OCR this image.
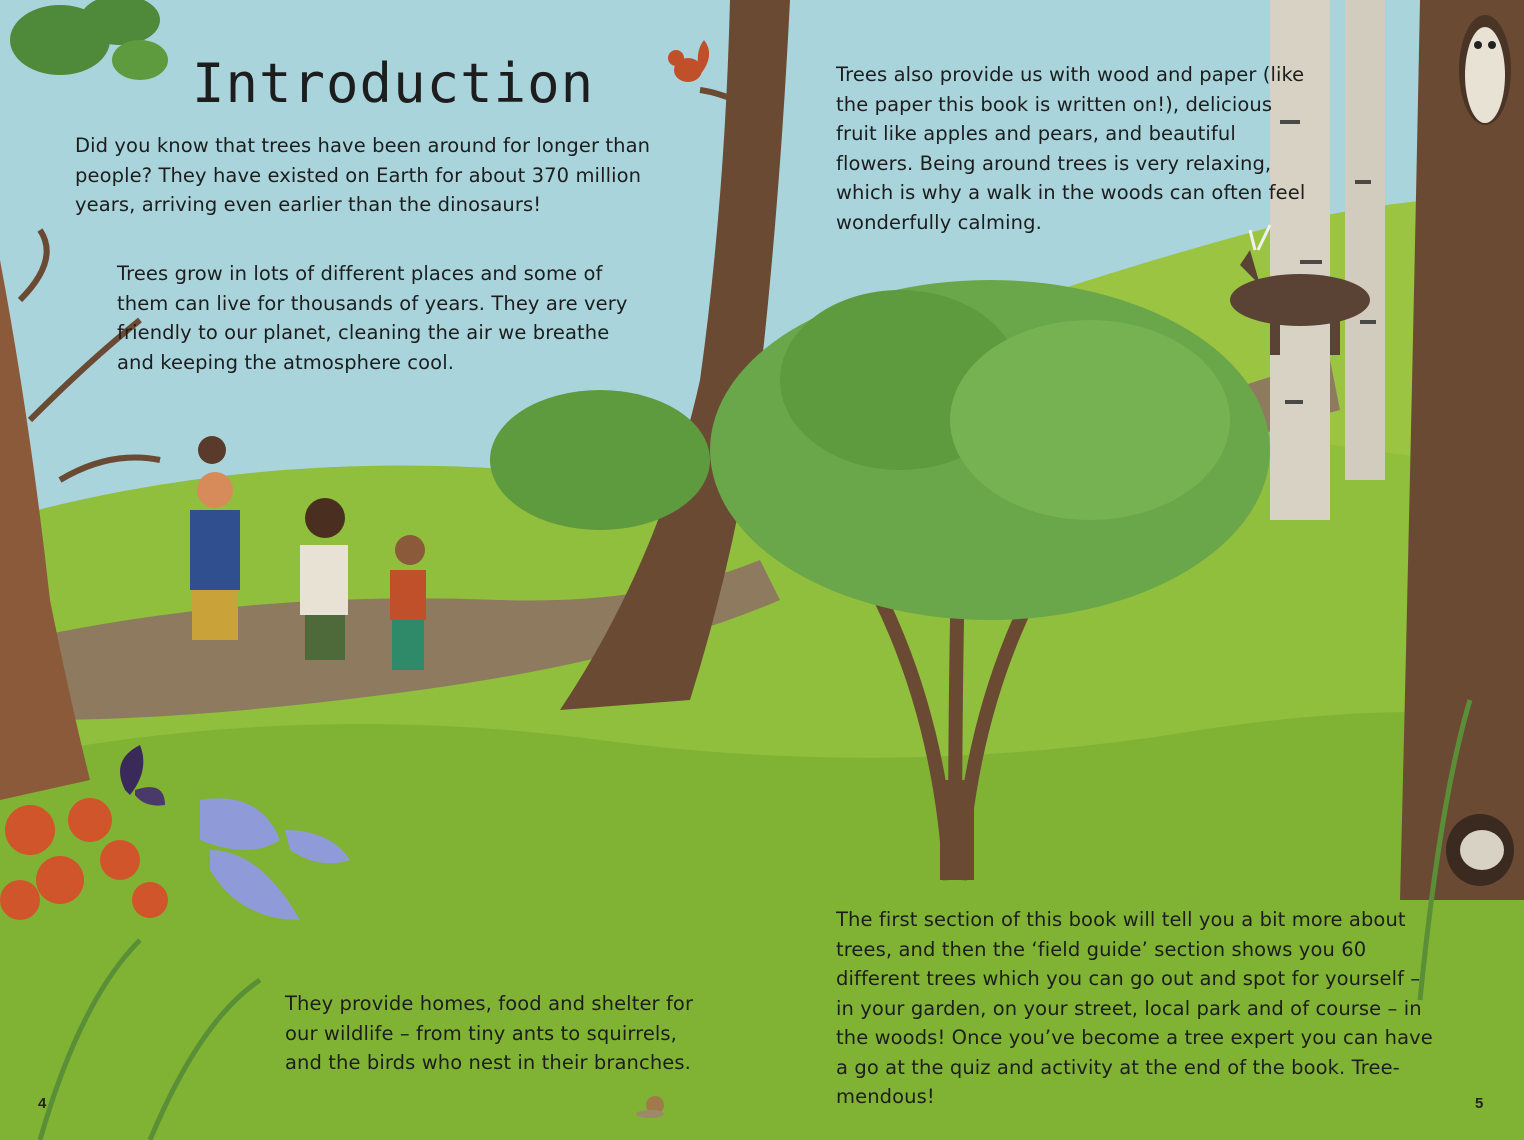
Introduction

Did you know that trees have been around for longer than people? They have existed on Earth for about 370 million years, arriving even earlier than the dinosaurs!

Trees grow in lots of different places and some of them can live for thousands of years. They are very friendly to our planet, cleaning the air we breathe and keeping the atmosphere cool.

Trees also provide us with wood and paper (like the paper this book is written on!), delicious fruit like apples and pears, and beautiful flowers. Being around trees is very relaxing, which is why a walk in the woods can often feel wonderfully calming.

They provide homes, food and shelter for our wildlife – from tiny ants to squirrels, and the birds who nest in their branches.

The first section of this book will tell you a bit more about trees, and then the ‘field guide’ section shows you 60 different trees which you can go out and spot for yourself – in your garden, on your street, local park and of course – in the woods! Once you’ve become a tree expert you can have a go at the quiz and activity at the end of the book. Tree-mendous!

4	5
